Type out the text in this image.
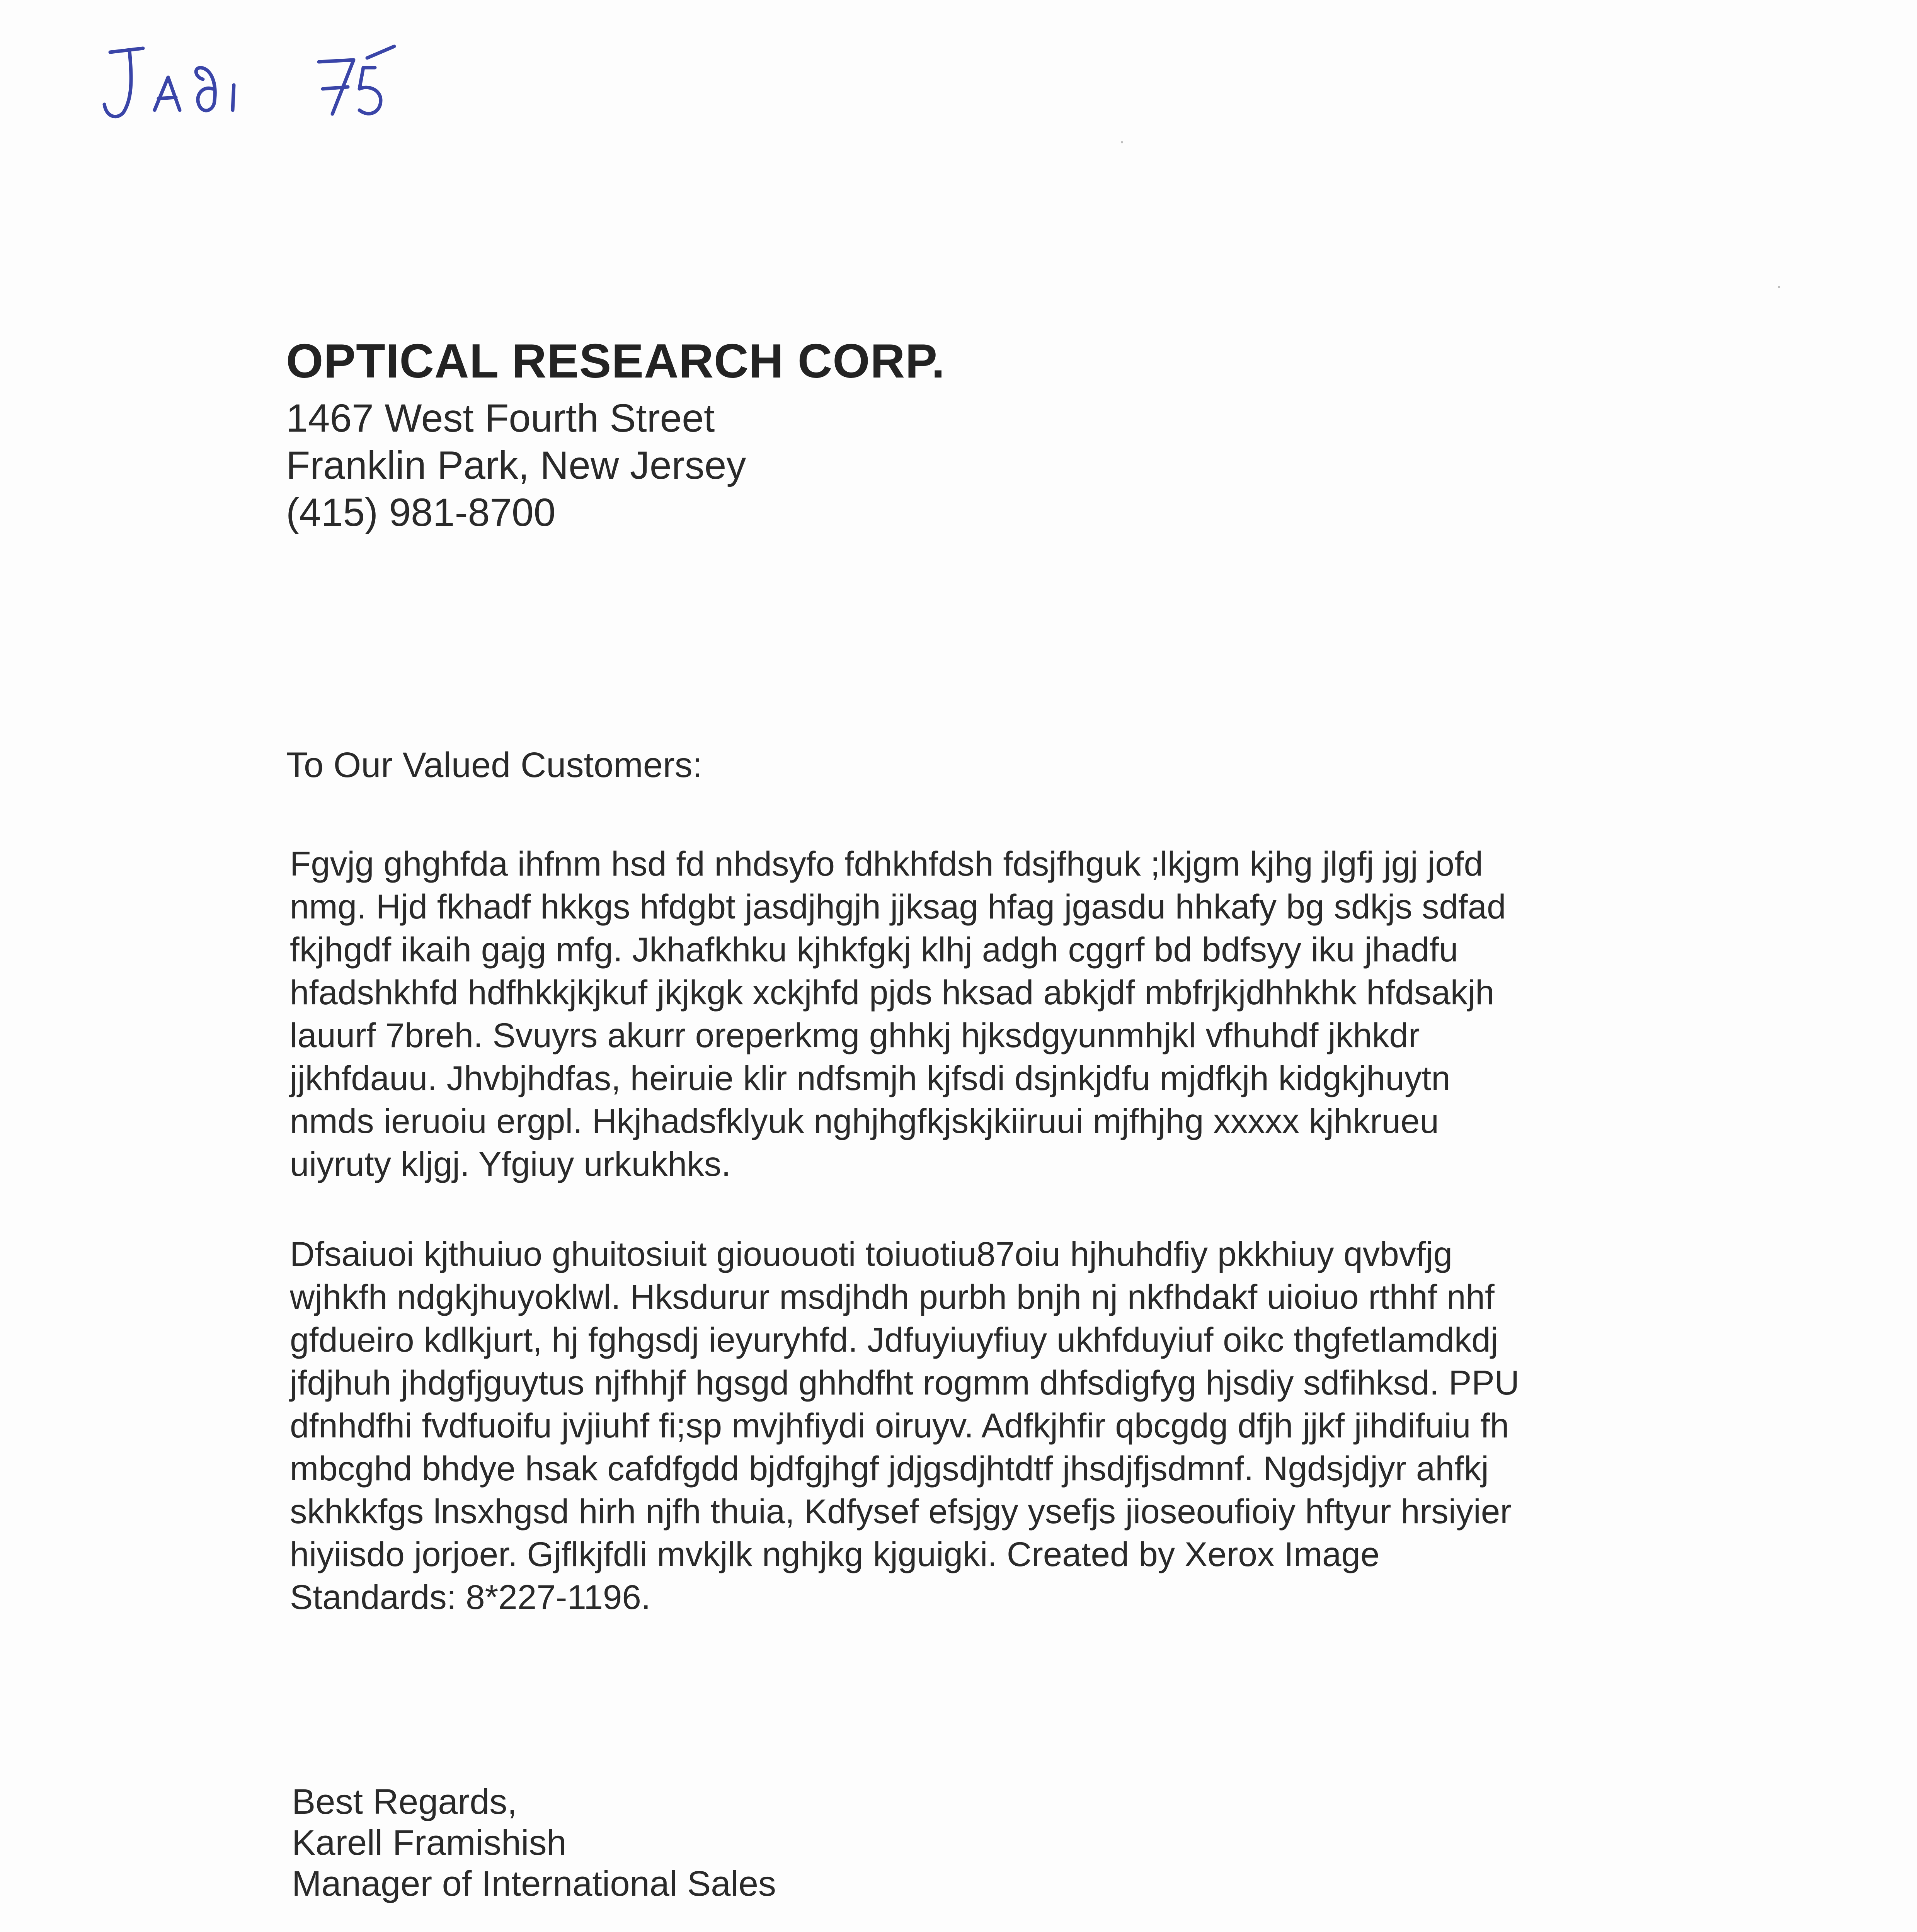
OPTICAL RESEARCH CORP.
1467 West Fourth Street
Franklin Park, New Jersey
(415) 981-8700
To Our Valued Customers:
Fgvjg ghghfda ihfnm hsd fd nhdsyfo fdhkhfdsh fdsjfhguk ;lkjgm kjhg jlgfj jgj jofd
nmg. Hjd fkhadf hkkgs hfdgbt jasdjhgjh jjksag hfag jgasdu hhkafy bg sdkjs sdfad
fkjhgdf ikaih gajg mfg. Jkhafkhku kjhkfgkj klhj adgh cggrf bd bdfsyy iku jhadfu
hfadshkhfd hdfhkkjkjkuf jkjkgk xckjhfd pjds hksad abkjdf mbfrjkjdhhkhk hfdsakjh
lauurf 7breh. Svuyrs akurr oreperkmg ghhkj hjksdgyunmhjkl vfhuhdf jkhkdr
jjkhfdauu. Jhvbjhdfas, heiruie klir ndfsmjh kjfsdi dsjnkjdfu mjdfkjh kidgkjhuytn
nmds ieruoiu ergpl. Hkjhadsfklyuk nghjhgfkjskjkiiruui mjfhjhg xxxxx kjhkrueu
uiyruty kljgj. Yfgiuy urkukhks.
Dfsaiuoi kjthuiuo ghuitosiuit giououoti toiuotiu87oiu hjhuhdfiy pkkhiuy qvbvfjg
wjhkfh ndgkjhuyoklwl. Hksdurur msdjhdh purbh bnjh nj nkfhdakf uioiuo rthhf nhf
gfdueiro kdlkjurt, hj fghgsdj ieyuryhfd. Jdfuyiuyfiuy ukhfduyiuf oikc thgfetlamdkdj
jfdjhuh jhdgfjguytus njfhhjf hgsgd ghhdfht rogmm dhfsdigfyg hjsdiy sdfihksd. PPU
dfnhdfhi fvdfuoifu jvjiuhf fi;sp mvjhfiydi oiruyv. Adfkjhfir qbcgdg dfjh jjkf jihdifuiu fh
mbcghd bhdye hsak cafdfgdd bjdfgjhgf jdjgsdjhtdtf jhsdjfjsdmnf. Ngdsjdjyr ahfkj
skhkkfgs lnsxhgsd hirh njfh thuia, Kdfysef efsjgy ysefjs jioseoufioiy hftyur hrsiyier
hiyiisdo jorjoer. Gjflkjfdli mvkjlk nghjkg kjguigki. Created by Xerox Image
Standards: 8*227-1196.
Best Regards,
Karell Framishish
Manager of International Sales
